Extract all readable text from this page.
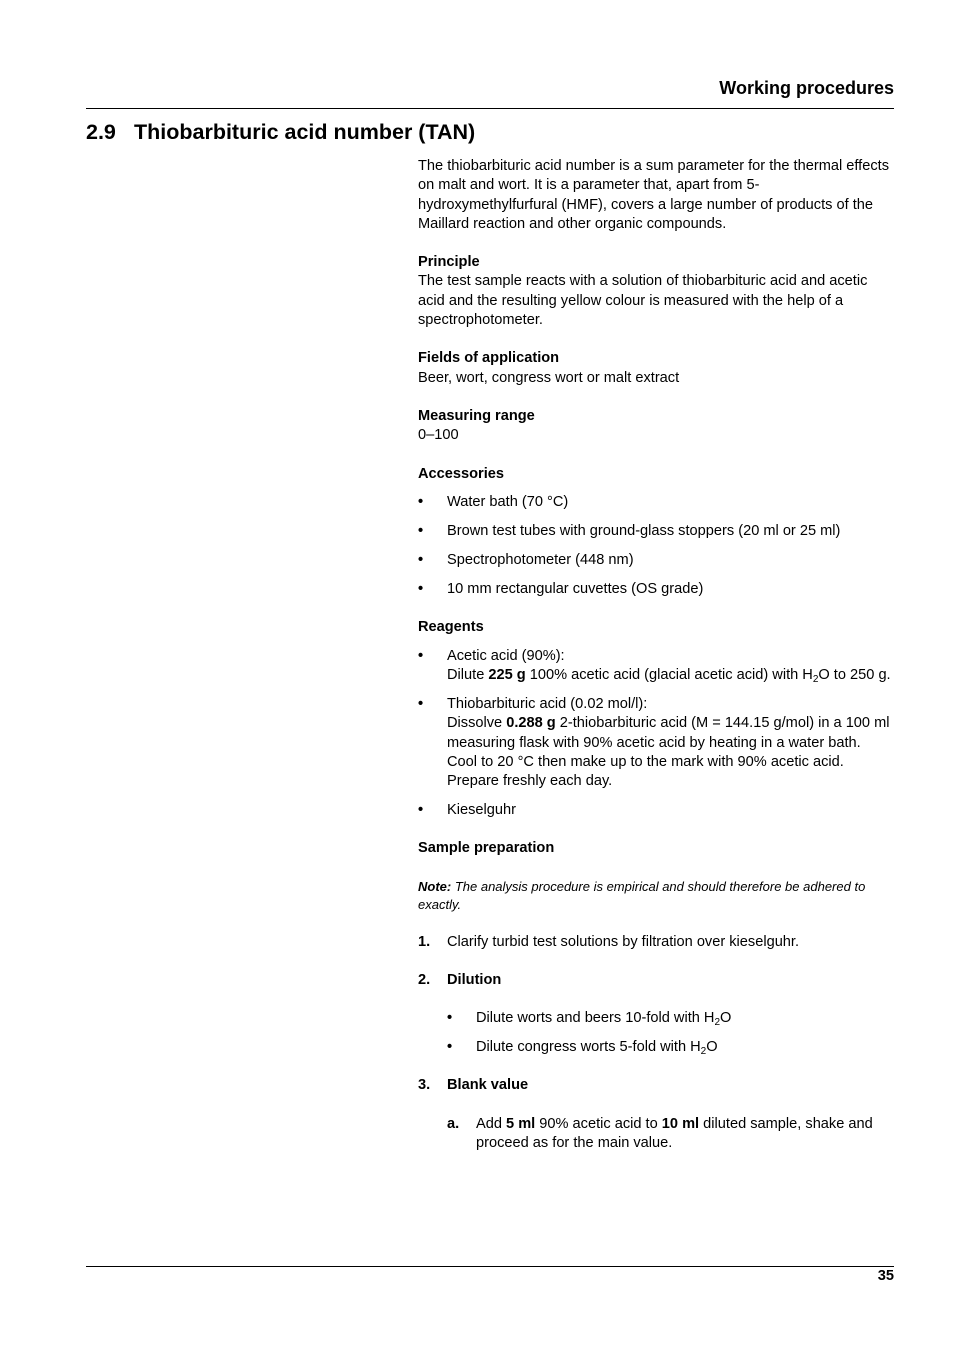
Working procedures
2.9 Thiobarbituric acid number (TAN)

The thiobarbituric acid number is a sum parameter for the thermal effects on malt and wort. It is a parameter that, apart from 5-hydroxymethylfurfural (HMF), covers a large number of products of the Maillard reaction and other organic compounds.

Principle

The test sample reacts with a solution of thiobarbituric acid and acetic acid and the resulting yellow colour is measured with the help of a spectrophotometer.

Fields of application

Beer, wort, congress wort or malt extract

Measuring range

0–100

Accessories

• Water bath (70 °C)
• Brown test tubes with ground-glass stoppers (20 ml or 25 ml)
• Spectrophotometer (448 nm)
• 10 mm rectangular cuvettes (OS grade)

Reagents

• Acetic acid (90%):
Dilute 225 g 100% acetic acid (glacial acetic acid) with $H_2O$ to 250 g.
• Thiobarbituric acid (0.02 mol/l):
Dissolve 0.288 g 2-thiobarbituric acid (M = 144.15 g/mol) in a 100 ml measuring flask with 90% acetic acid by heating in a water bath. Cool to 20 °C then make up to the mark with 90% acetic acid. Prepare freshly each day.
• Kieselguhr

Sample preparation

Note: The analysis procedure is empirical and should therefore be adhered to exactly.

1. Clarify turbid test solutions by filtration over kieselguhr.
2. Dilution
• Dilute worts and beers 10-fold with $H_2O$
• Dilute congress worts 5-fold with $H_2O$
3. Blank value
a. Add 5 ml 90% acetic acid to 10 ml diluted sample, shake and proceed as for the main value.
35
